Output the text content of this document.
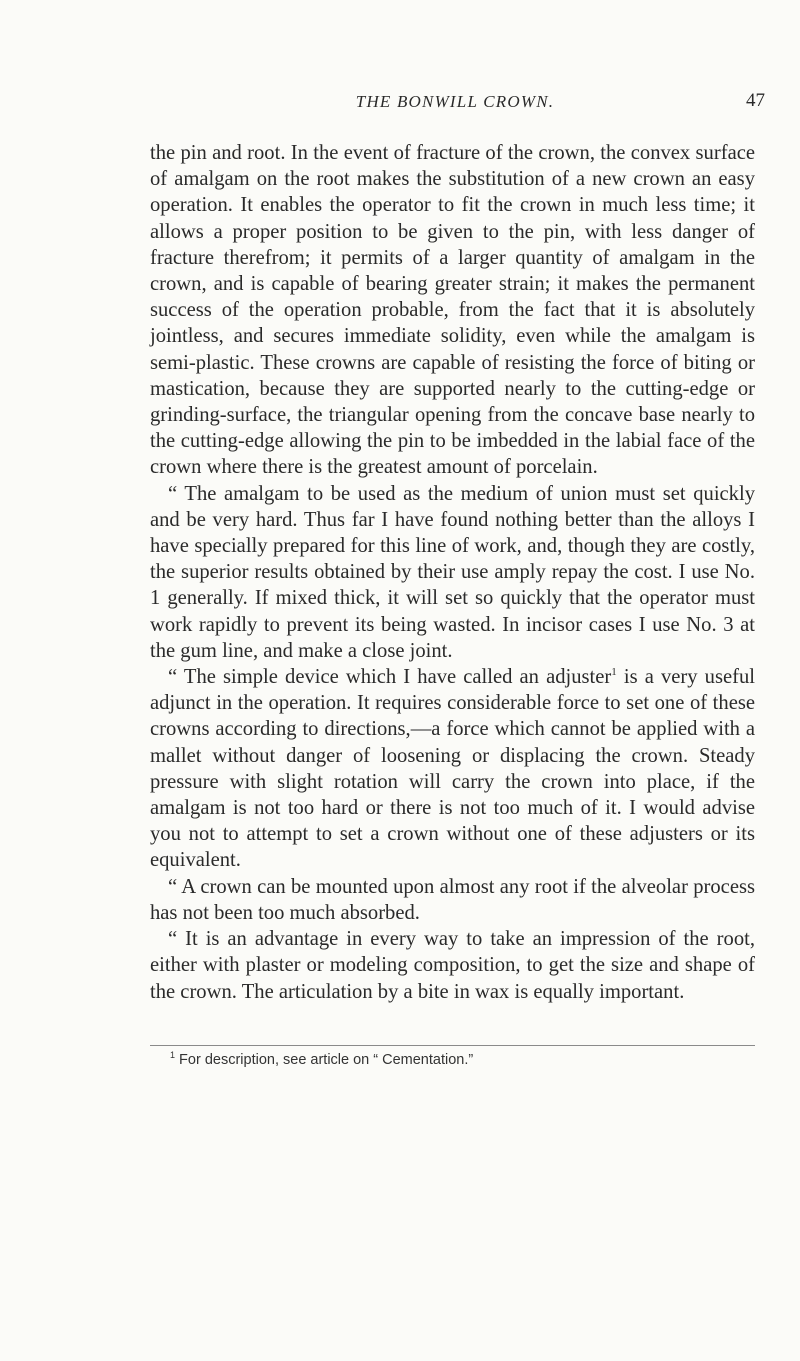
THE BONWILL CROWN.	47

the pin and root. In the event of fracture of the crown, the convex surface of amalgam on the root makes the substitution of a new crown an easy operation. It enables the operator to fit the crown in much less time; it allows a proper position to be given to the pin, with less danger of fracture therefrom; it permits of a larger quantity of amalgam in the crown, and is capable of bearing greater strain; it makes the permanent success of the operation probable, from the fact that it is absolutely jointless, and secures immediate solidity, even while the amalgam is semi-plastic. These crowns are capable of resisting the force of biting or mastication, because they are supported nearly to the cutting-edge or grinding-surface, the triangular opening from the concave base nearly to the cutting-edge allowing the pin to be imbedded in the labial face of the crown where there is the greatest amount of porcelain.

“ The amalgam to be used as the medium of union must set quickly and be very hard. Thus far I have found nothing better than the alloys I have specially prepared for this line of work, and, though they are costly, the superior results obtained by their use amply repay the cost. I use No. 1 generally. If mixed thick, it will set so quickly that the operator must work rapidly to prevent its being wasted. In incisor cases I use No. 3 at the gum line, and make a close joint.

“ The simple device which I have called an adjuster$^1$ is a very useful adjunct in the operation. It requires considerable force to set one of these crowns according to directions,—a force which cannot be applied with a mallet without danger of loosening or displacing the crown. Steady pressure with slight rotation will carry the crown into place, if the amalgam is not too hard or there is not too much of it. I would advise you not to attempt to set a crown without one of these adjusters or its equivalent.

“ A crown can be mounted upon almost any root if the alveolar process has not been too much absorbed.

“ It is an advantage in every way to take an impression of the root, either with plaster or modeling composition, to get the size and shape of the crown. The articulation by a bite in wax is equally important.

$^1$ For description, see article on “ Cementation.”
